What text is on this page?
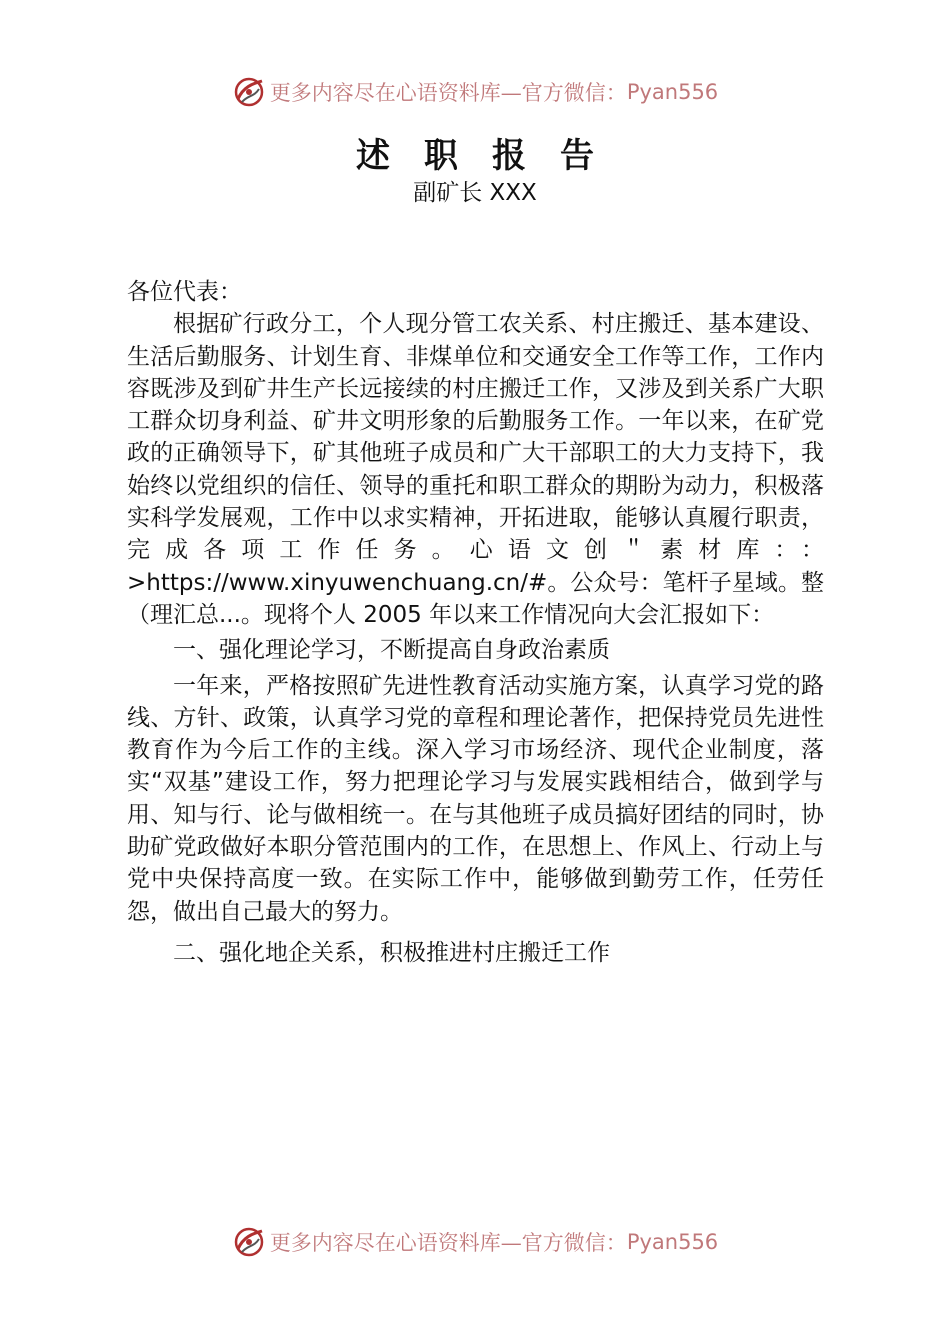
更多内容尽在心语资料库—官方微信： Pyan556
述职报告
副矿长 XXX

各位代表：

根据矿行政分工，个人现分管工农关系、村庄搬迁、基本建设、生活后勤服务、计划生育、非煤单位和交通安全工作等工作，工作内容既涉及到矿井生产长远接续的村庄搬迁工作，又涉及到关系广大职工群众切身利益、矿井文明形象的后勤服务工作。一年以来，在矿党政的正确领导下，矿其他班子成员和广大干部职工的大力支持下，我始终以党组织的信任、领导的重托和职工群众的期盼为动力，积极落实科学发展观，工作中以求实精神，开拓进取，能够认真履行职责，完成各项工作任务。心语文创＂素材库：：>https://www.xinyuwenchuang.cn/#。公众号：笔杆子星域。整（理汇总...。现将个人 2005 年以来工作情况向大会汇报如下：

一、强化理论学习，不断提高自身政治素质

一年来，严格按照矿先进性教育活动实施方案，认真学习党的路线、方针、政策，认真学习党的章程和理论著作，把保持党员先进性教育作为今后工作的主线。深入学习市场经济、现代企业制度，落实“双基”建设工作，努力把理论学习与发展实践相结合，做到学与用、知与行、论与做相统一。在与其他班子成员搞好团结的同时，协助矿党政做好本职分管范围内的工作，在思想上、作风上、行动上与党中央保持高度一致。在实际工作中，能够做到勤劳工作，任劳任怨，做出自己最大的努力。

二、强化地企关系，积极推进村庄搬迁工作

更多内容尽在心语资料库—官方微信： Pyan556
